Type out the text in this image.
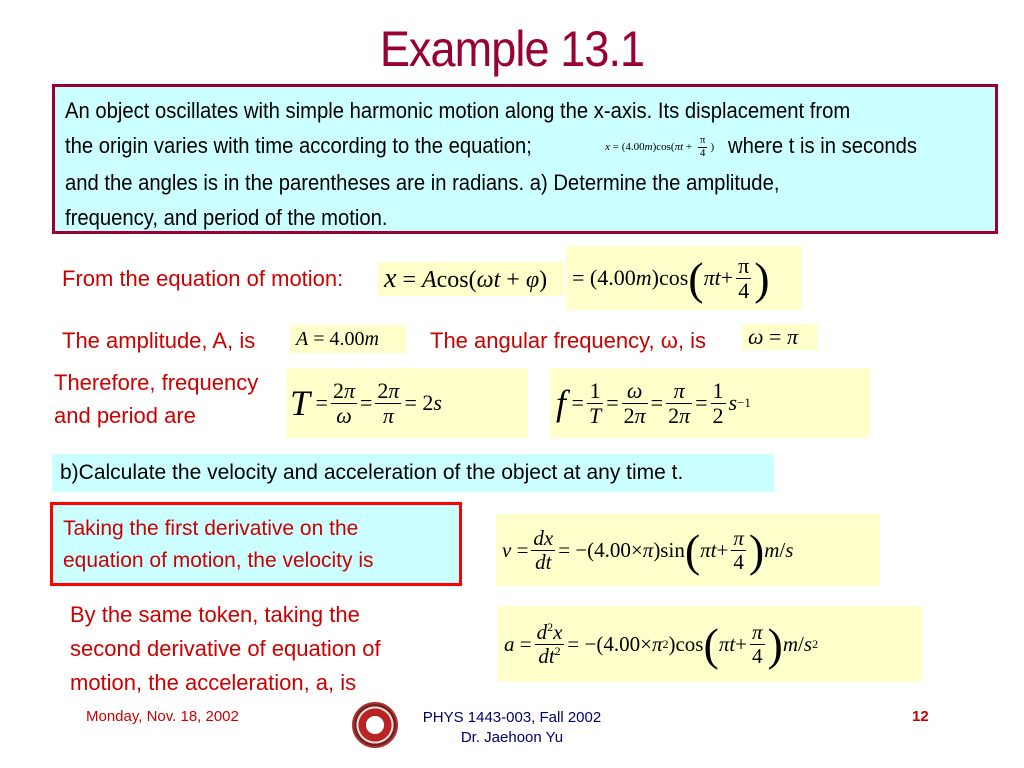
Example 13.1
An object oscillates with simple harmonic motion along the x-axis. Its displacement from
the origin varies with time according to the equation;	$x = (4.00m)\cos(\pi t + \frac{\pi}{4}$ ) where t is in seconds
and the angles is in the parentheses are in radians. a) Determine the amplitude,
frequency, and period of the motion.
From the equation of motion: x = Acos(ωt + φ)	= (4.00 m )cos ( $\pi t + \frac{\pi}{4}$ )
The amplitude, A, is	A = 4.00m	The angular frequency, ω, is ω = π
Therefore, frequency
and period are	$T = \frac{2\pi}{\omega} = \frac{2\pi}{\pi} = 2$ s	$f = \frac{1}{T} = \frac{\omega}{2\pi} = \frac{\pi}{2\pi} = \frac{1}{2}$ s −1
b)Calculate the velocity and acceleration of the object at any time t.
Taking the first derivative on the
equation of motion, the velocity is	$v = \frac{dx}{dt} = -(4.00\times \pi$ )sin ( $\pi t + \frac{\pi}{4}$ ) m / s
By the same token, taking the
second derivative of equation of
motion, the acceleration, a, is
$a = \frac{d^2x}{dt^2} = -(4.00\times \pi$ 2 )cos ( $\pi t + \frac{\pi}{4}$ ) m / s 2
Monday, Nov. 18, 2002	PHYS 1443-003, Fall 2002
Dr. Jaehoon Yu
12
